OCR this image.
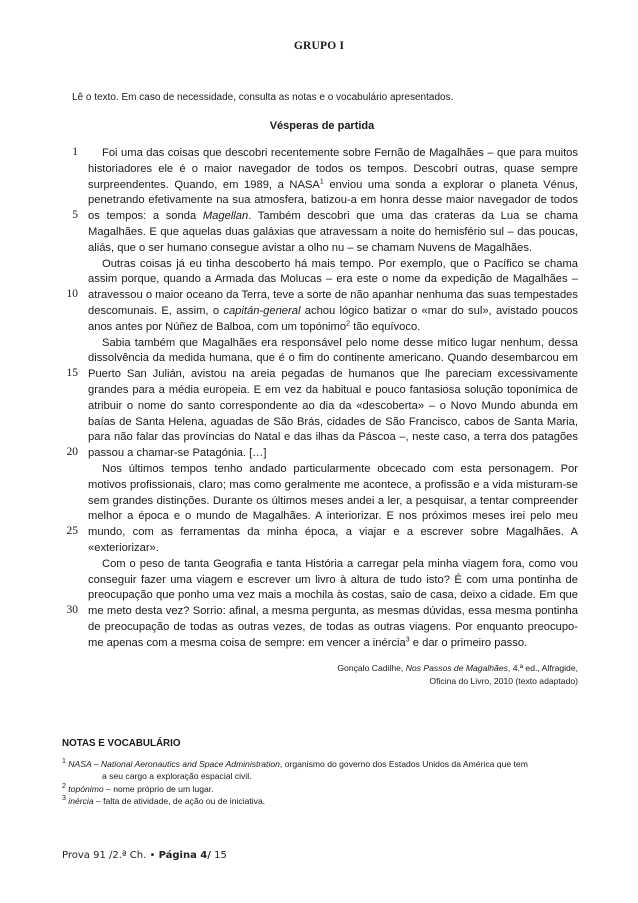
GRUPO I
Lê o texto. Em caso de necessidade, consulta as notas e o vocabulário apresentados.
Vésperas de partida
1
5
10
15
20
25
30

Foi uma das coisas que descobri recentemente sobre Fernão de Magalhães – que para muitos historiadores ele é o maior navegador de todos os tempos. Descobri outras, quase sempre surpreendentes. Quando, em 1989, a NASA$^1$ enviou uma sonda a explorar o planeta Vénus, penetrando efetivamente na sua atmosfera, batizou-a em honra desse maior navegador de todos os tempos: a sonda Magellan. Também descobri que uma das crateras da Lua se chama Magalhães. E que aquelas duas galáxias que atravessam a noite do hemisfério sul – das poucas, aliás, que o ser humano consegue avistar a olho nu – se chamam Nuvens de Magalhães.

Outras coisas já eu tinha descoberto há mais tempo. Por exemplo, que o Pacífico se chama assim porque, quando a Armada das Molucas – era este o nome da expedição de Magalhães – atravessou o maior oceano da Terra, teve a sorte de não apanhar nenhuma das suas tempestades descomunais. E, assim, o capitán-general achou lógico batizar o «mar do sul», avistado poucos anos antes por Núñez de Balboa, com um topónimo$^2$ tão equívoco.

Sabia também que Magalhães era responsável pelo nome desse mítico lugar nenhum, dessa dissolvência da medida humana, que é o fim do continente americano. Quando desembarcou em Puerto San Julián, avistou na areia pegadas de humanos que lhe pareciam excessivamente grandes para a média europeia. E em vez da habitual e pouco fantasiosa solução toponímica de atribuir o nome do santo correspondente ao dia da «descoberta» – o Novo Mundo abunda em baías de Santa Helena, aguadas de São Brás, cidades de São Francisco, cabos de Santa Maria, para não falar das províncias do Natal e das ilhas da Páscoa –, neste caso, a terra dos patagões passou a chamar-se Patagónia. […]

Nos últimos tempos tenho andado particularmente obcecado com esta personagem. Por motivos profissionais, claro; mas como geralmente me acontece, a profissão e a vida misturam-se sem grandes distinções. Durante os últimos meses andei a ler, a pesquisar, a tentar compreender melhor a época e o mundo de Magalhães. A interiorizar. E nos próximos meses irei pelo meu mundo, com as ferramentas da minha época, a viajar e a escrever sobre Magalhães. A «exteriorizar».

Com o peso de tanta Geografia e tanta História a carregar pela minha viagem fora, como vou conseguir fazer uma viagem e escrever um livro à altura de tudo isto? É com uma pontinha de preocupação que ponho uma vez mais a mochila às costas, saio de casa, deixo a cidade. Em que me meto desta vez? Sorrio: afinal, a mesma pergunta, as mesmas dúvidas, essa mesma pontinha de preocupação de todas as outras vezes, de todas as outras viagens. Por enquanto preocupo-me apenas com a mesma coisa de sempre: em vencer a inércia$^3$ e dar o primeiro passo.

Gonçalo Cadilhe, Nos Passos de Magalhães, 4.ª ed., Alfragide,
Oficina do Livro, 2010 (texto adaptado)
NOTAS E VOCABULÁRIO
$^1$ NASA – National Aeronautics and Space Administration, organismo do governo dos Estados Unidos da América que tem
a seu cargo a exploração espacial civil.
$^2$ topónimo – nome próprio de um lugar.
$^3$ inércia – falta de atividade, de ação ou de iniciativa.
Prova 91 /2.ª Ch. • Página 4/ 15
